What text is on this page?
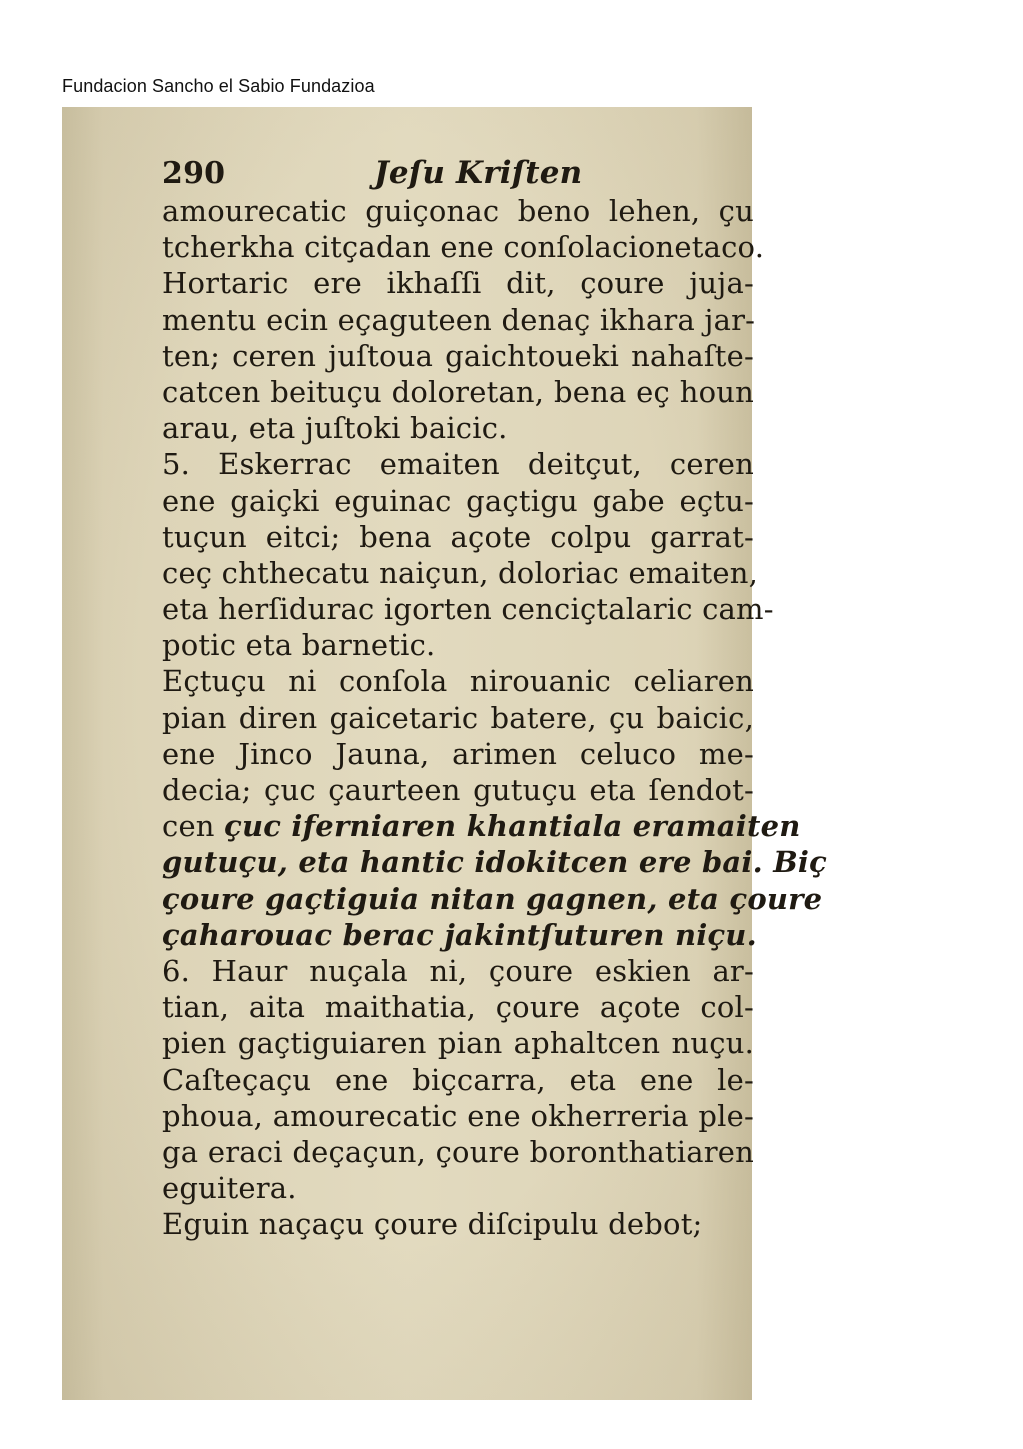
Fundacion Sancho el Sabio Fundazioa
290	Jeſu Kriſten
amourecatic guiçonac beno lehen, çu
tcherkha citçadan ene conſolacionetaco.
Hortaric ere ikhaſſi dit, çoure juja-
mentu ecin eçaguteen denaç ikhara jar-
ten; ceren juſtoua gaichtoueki nahaſte-
catcen beituçu doloretan, bena eç houn
arau, eta juſtoki baicic.
5. Eskerrac emaiten deitçut, ceren
ene gaiçki eguinac gaçtigu gabe eçtu-
tuçun eitci; bena açote colpu garrat-
ceç chthecatu naiçun, doloriac emaiten,
eta herſidurac igorten cenciçtalaric cam-
potic eta barnetic.
Eçtuçu ni conſola nirouanic celiaren
pian diren gaicetaric batere, çu baicic,
ene Jinco Jauna, arimen celuco me-
decia; çuc çaurteen gutuçu eta ſendot-
cen çuc iferniaren khantiala eramaiten
gutuçu, eta hantic idokitcen ere bai. Biç
çoure gaçtiguia nitan gagnen, eta çoure
çaharouac berac jakintſuturen niçu.
6. Haur nuçala ni, çoure eskien ar-
tian, aita maithatia, çoure açote col-
pien gaçtiguiaren pian aphaltcen nuçu.
Caſteçaçu ene biçcarra, eta ene le-
phoua, amourecatic ene okherreria ple-
ga eraci deçaçun, çoure boronthatiaren
eguitera.
Eguin naçaçu çoure diſcipulu debot;
